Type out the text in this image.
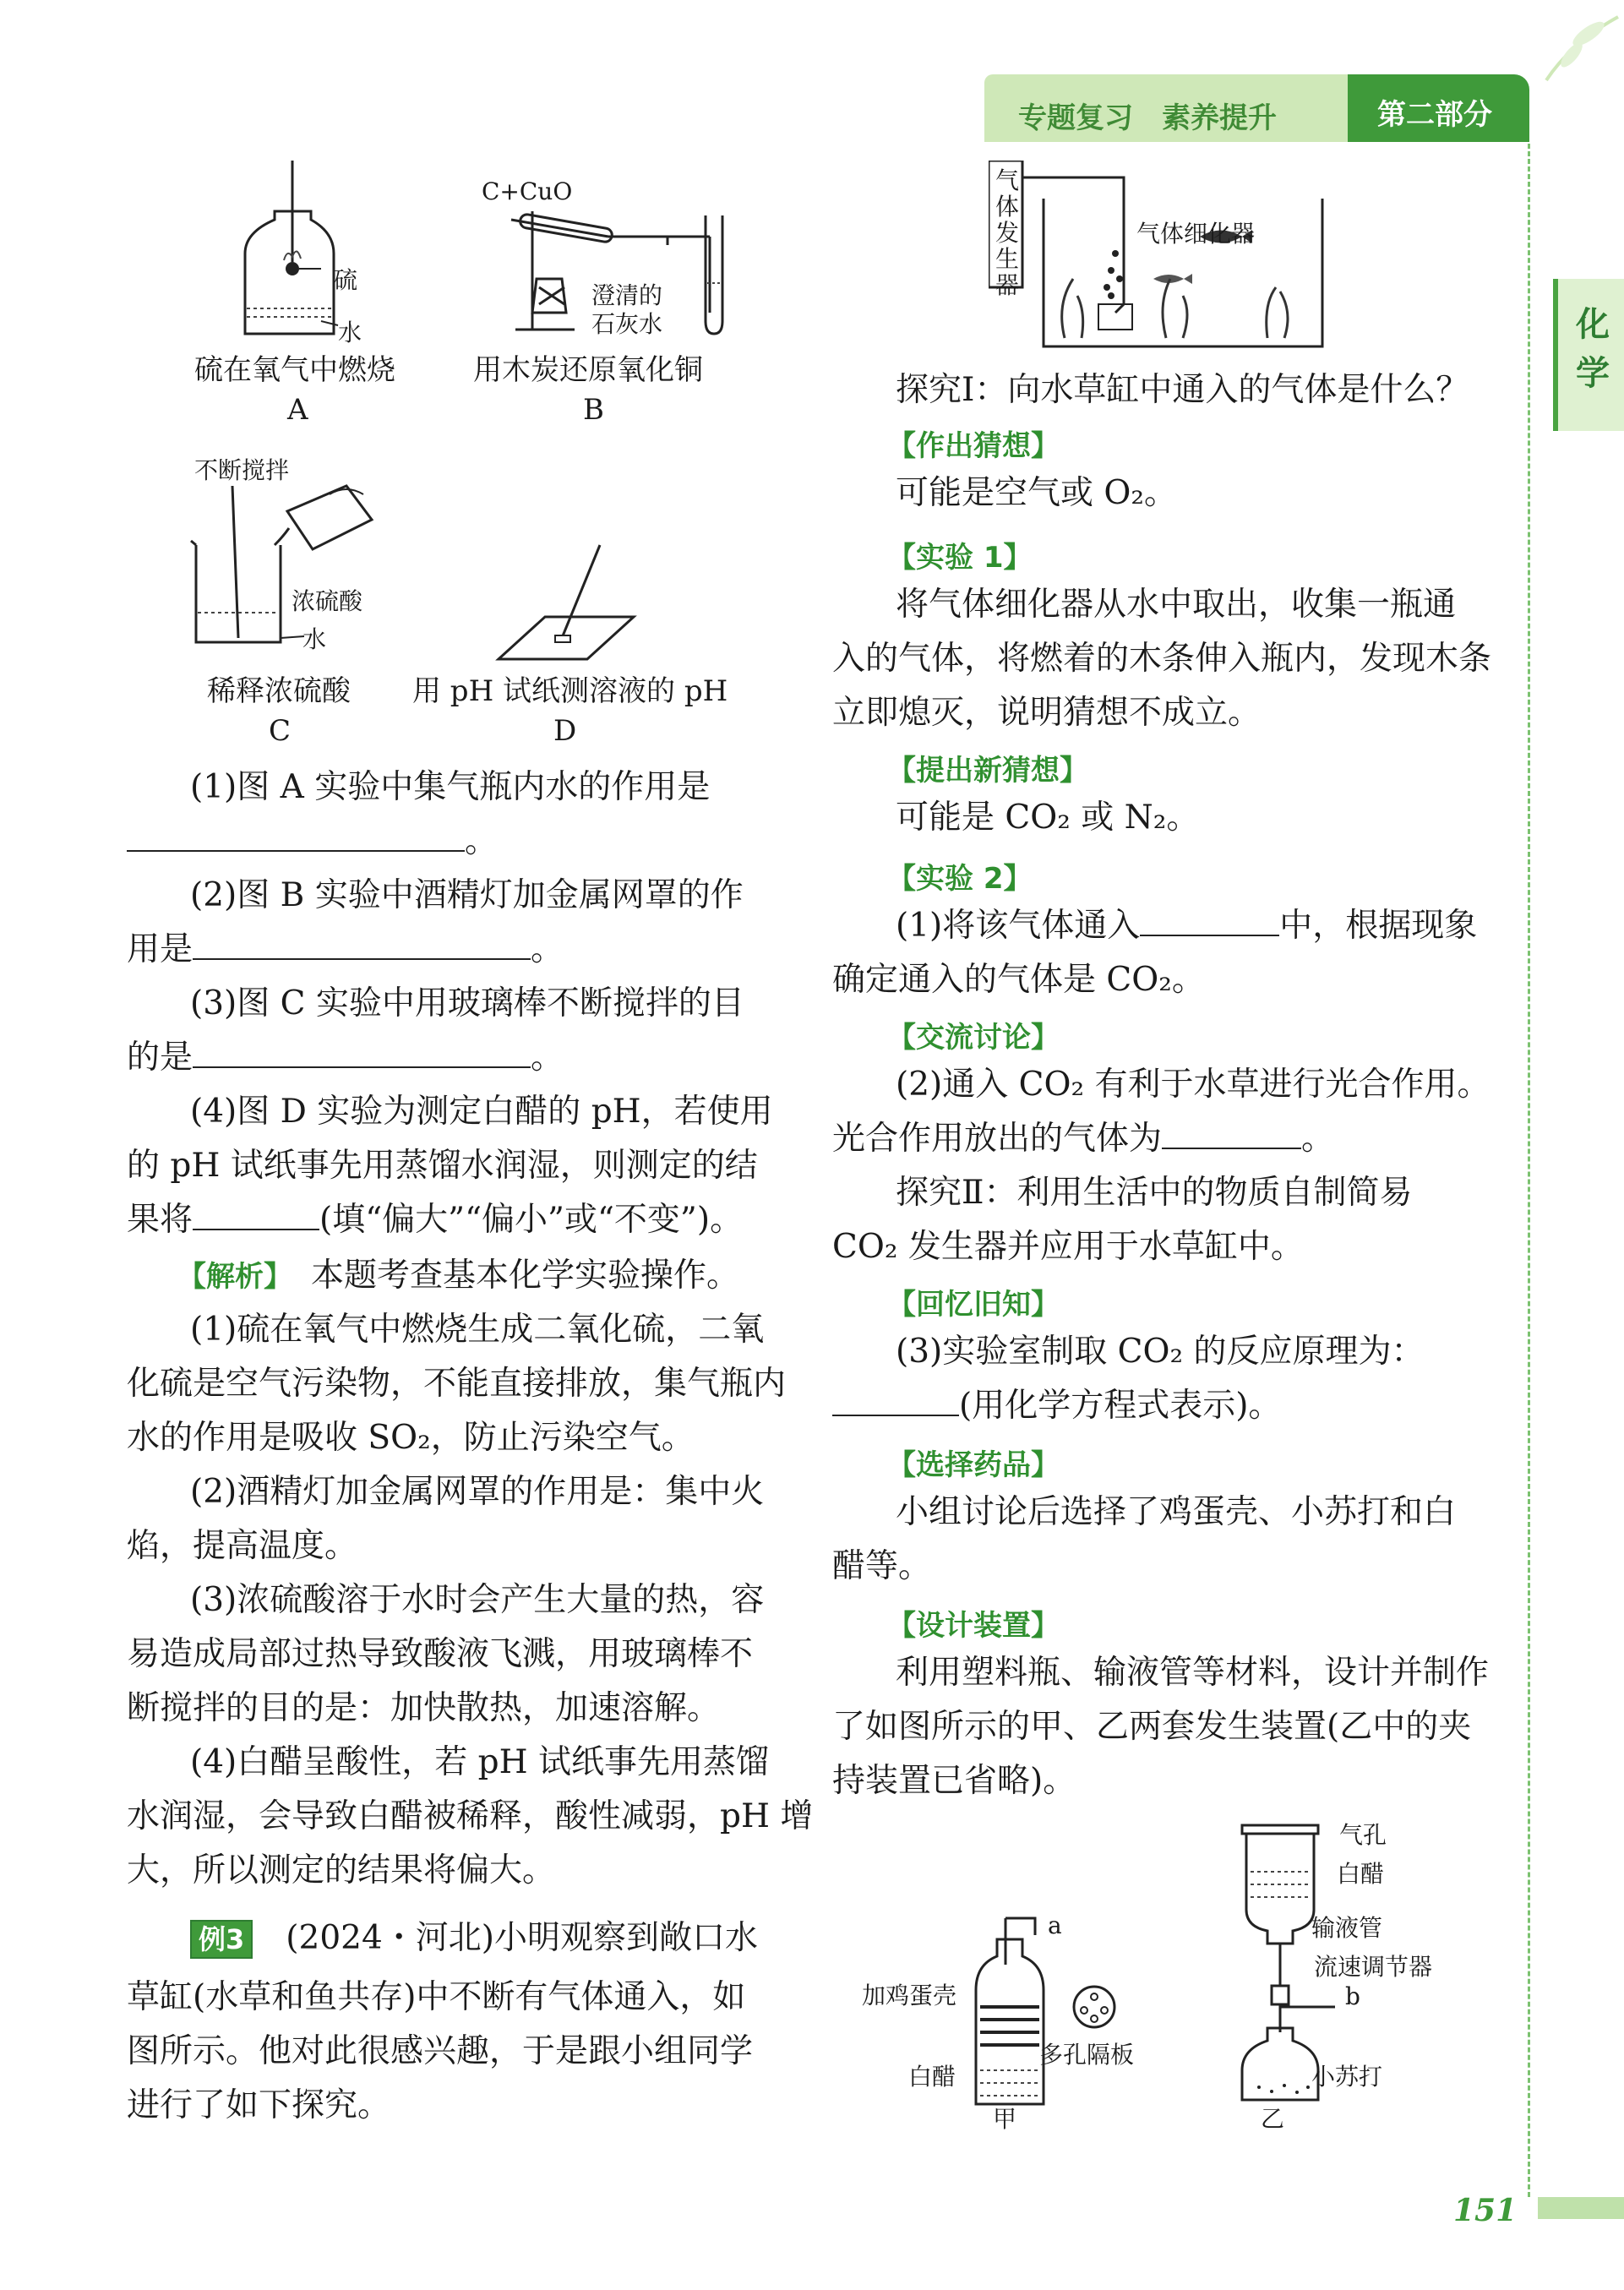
专题复习　素养提升	第二部分
化学
硫
水
硫在氧气中燃烧
A
C+CuO
澄清的
石灰水
用木炭还原氧化铜
B
不断搅拌
浓硫酸
水
稀释浓硫酸
C
用 pH 试纸测溶液的 pH
D
(1)图 A 实验中集气瓶内水的作用是
。
(2)图 B 实验中酒精灯加金属网罩的作
用是	。
(3)图 C 实验中用玻璃棒不断搅拌的目
的是	。
(4)图 D 实验为测定白醋的 pH，若使用
的 pH 试纸事先用蒸馏水润湿，则测定的结
果将	(填“偏大”“偏小”或“不变”)。
【解析】　 本题考查基本化学实验操作。
(1)硫在氧气中燃烧生成二氧化硫，二氧
化硫是空气污染物，不能直接排放，集气瓶内
水的作用是吸收 SO₂，防止污染空气。
(2)酒精灯加金属网罩的作用是：集中火
焰，提高温度。
(3)浓硫酸溶于水时会产生大量的热，容
易造成局部过热导致酸液飞溅，用玻璃棒不
断搅拌的目的是：加快散热，加速溶解。
(4)白醋呈酸性，若 pH 试纸事先用蒸馏
水润湿，会导致白醋被稀释，酸性减弱，pH 增
大，所以测定的结果将偏大。
例3　 (2024・河北)小明观察到敞口水
草缸(水草和鱼共存)中不断有气体通入，如
图所示。他对此很感兴趣，于是跟小组同学
进行了如下探究。
气体发生器
气体细化器
探究Ⅰ：向水草缸中通入的气体是什么？
【作出猜想】
可能是空气或 O₂。
【实验 1】
将气体细化器从水中取出，收集一瓶通
入的气体，将燃着的木条伸入瓶内，发现木条
立即熄灭，说明猜想不成立。
【提出新猜想】
可能是 CO₂ 或 N₂。
【实验 2】
(1)将该气体通入	中，根据现象
确定通入的气体是 CO₂。
【交流讨论】
(2)通入 CO₂ 有利于水草进行光合作用。
光合作用放出的气体为	。
探究Ⅱ：利用生活中的物质自制简易
CO₂ 发生器并应用于水草缸中。
【回忆旧知】
(3)实验室制取 CO₂ 的反应原理为：
(用化学方程式表示)。
【选择药品】
小组讨论后选择了鸡蛋壳、小苏打和白
醋等。
【设计装置】
利用塑料瓶、输液管等材料，设计并制作
了如图所示的甲、乙两套发生装置(乙中的夹
持装置已省略)。
a
加鸡蛋壳
多孔隔板
白醋
甲
气孔
白醋
输液管
流速调节器
b
小苏打
乙
151
